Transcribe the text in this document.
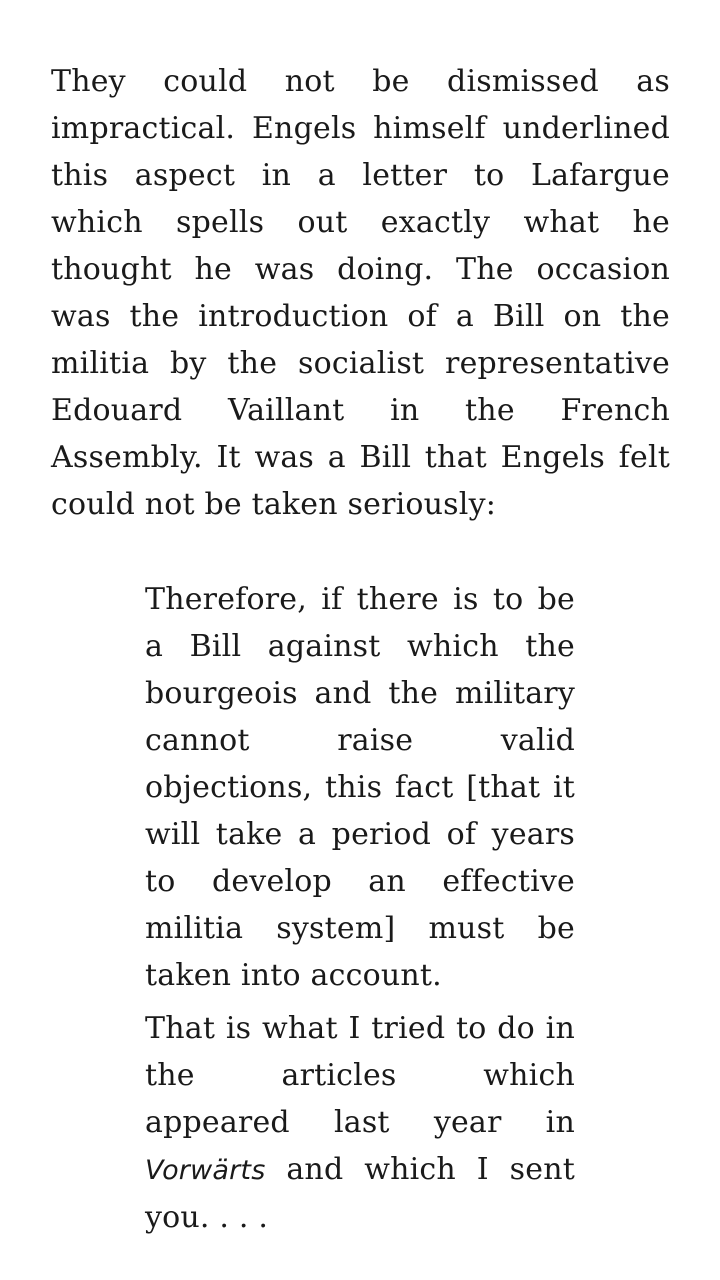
They could not be dismissed as impractical. Engels himself underlined this aspect in a letter to Lafargue which spells out exactly what he thought he was doing. The occasion was the introduction of a Bill on the militia by the socialist representative Edouard Vaillant in the French Assembly. It was a Bill that Engels felt could not be taken seriously:

Therefore, if there is to be a Bill against which the bourgeois and the military cannot raise valid objections, this fact [that it will take a period of years to develop an effective militia system] must be taken into account.

That is what I tried to do in the articles which appeared last year in Vorwärts and which I sent you. . . .
